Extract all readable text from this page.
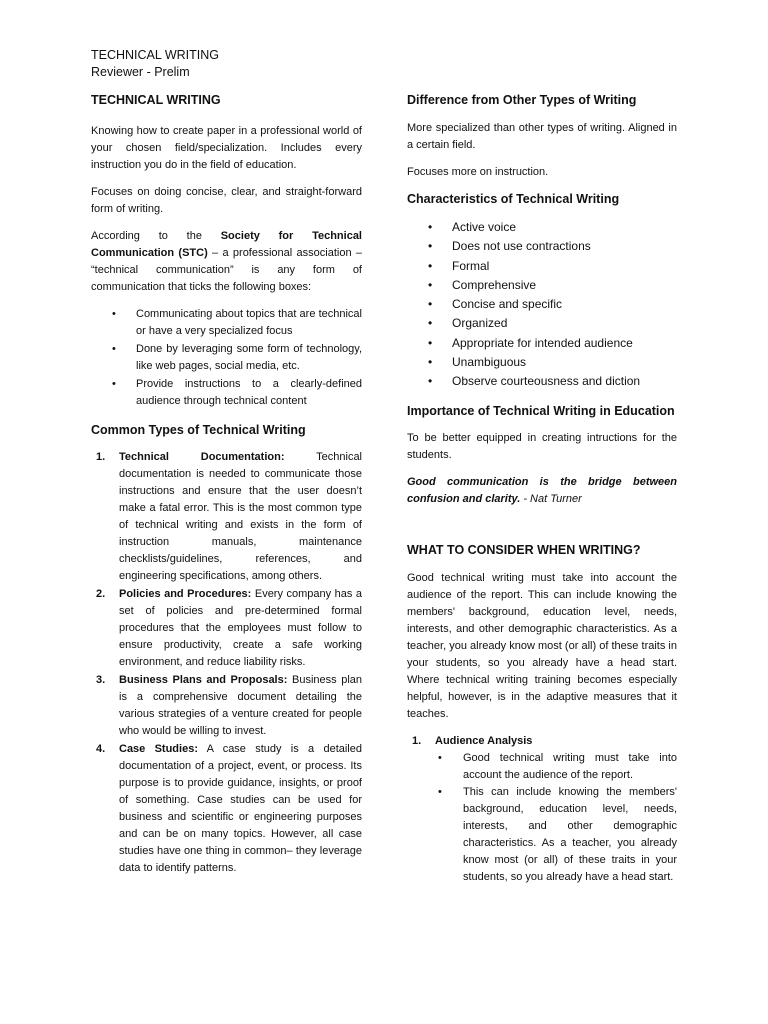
TECHNICAL WRITING
Reviewer - Prelim
TECHNICAL WRITING

Knowing how to create paper in a professional world of your chosen field/specialization. Includes every instruction you do in the field of education.

Focuses on doing concise, clear, and straight-forward form of writing.

According to the Society for Technical Communication (STC) – a professional association – “technical communication” is any form of communication that ticks the following boxes:

• Communicating about topics that are technical or have a very specialized focus
• Done by leveraging some form of technology, like web pages, social media, etc.
• Provide instructions to a clearly-defined audience through technical content
Common Types of Technical Writing
1. Technical Documentation: Technical documentation is needed to communicate those instructions and ensure that the user doesn’t make a fatal error. This is the most common type of technical writing and exists in the form of instruction manuals, maintenance checklists/guidelines, references, and engineering specifications, among others.
2. Policies and Procedures: Every company has a set of policies and pre-determined formal procedures that the employees must follow to ensure productivity, create a safe working environment, and reduce liability risks.
3. Business Plans and Proposals: Business plan is a comprehensive document detailing the various strategies of a venture created for people who would be willing to invest.
4. Case Studies: A case study is a detailed documentation of a project, event, or process. Its purpose is to provide guidance, insights, or proof of something. Case studies can be used for business and scientific or engineering purposes and can be on many topics. However, all case studies have one thing in common– they leverage data to identify patterns.
Difference from Other Types of Writing

More specialized than other types of writing. Aligned in a certain field.

Focuses more on instruction.

Characteristics of Technical Writing
• Active voice
• Does not use contractions
• Formal
• Comprehensive
• Concise and specific
• Organized
• Appropriate for intended audience
• Unambiguous
• Observe courteousness and diction
Importance of Technical Writing in Education

To be better equipped in creating intructions for the students.

Good communication is the bridge between confusion and clarity. - Nat Turner

WHAT TO CONSIDER WHEN WRITING?

Good technical writing must take into account the audience of the report. This can include knowing the members' background, education level, needs, interests, and other demographic characteristics. As a teacher, you already know most (or all) of these traits in your students, so you already have a head start. Where technical writing training becomes especially helpful, however, is in the adaptive measures that it teaches.

1. Audience Analysis
• Good technical writing must take into account the audience of the report.
• This can include knowing the members' background, education level, needs, interests, and other demographic characteristics. As a teacher, you already know most (or all) of these traits in your students, so you already have a head start.
